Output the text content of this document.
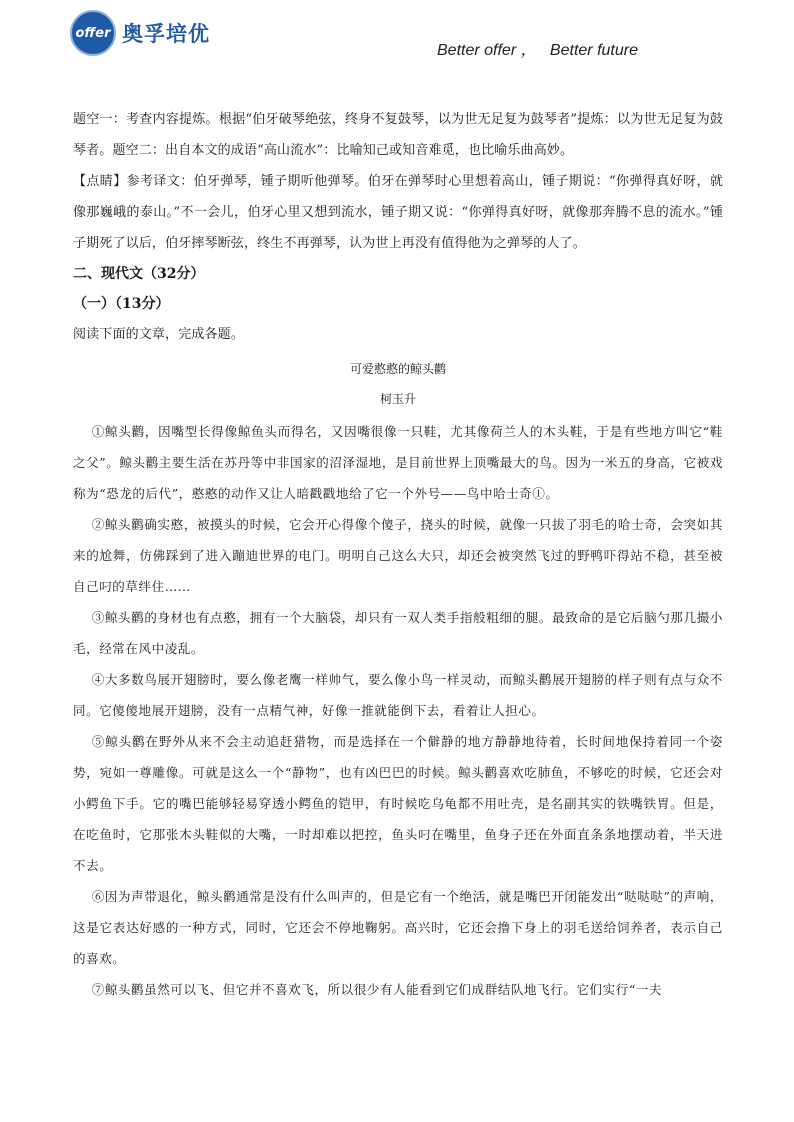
offer 奥孚培优
Better offer ，   Better future

题空一：考查内容提炼。根据“伯牙破琴绝弦，终身不复鼓琴，以为世无足复为鼓琴者”提炼：以为世无足复为鼓琴者。题空二：出自本文的成语“高山流水”：比喻知己或知音难觅，也比喻乐曲高妙。

【点睛】参考译文：伯牙弹琴，锺子期听他弹琴。伯牙在弹琴时心里想着高山，锺子期说：“你弹得真好呀，就像那巍峨的泰山。”不一会儿，伯牙心里又想到流水，锺子期又说：“你弹得真好呀，就像那奔腾不息的流水。”锺子期死了以后，伯牙摔琴断弦，终生不再弹琴，认为世上再没有值得他为之弹琴的人了。

二、现代文（32分）

（一）（13分）

阅读下面的文章，完成各题。

可爱憨憨的鲸头鹳

柯玉升

①鲸头鹳，因嘴型长得像鲸鱼头而得名，又因嘴很像一只鞋，尤其像荷兰人的木头鞋，于是有些地方叫它“鞋之父”。鲸头鹳主要生活在苏丹等中非国家的沼泽湿地，是目前世界上顶嘴最大的鸟。因为一米五的身高，它被戏称为“恐龙的后代”，憨憨的动作又让人暗戳戳地给了它一个外号——鸟中哈士奇①。

②鲸头鹳确实憨，被摸头的时候，它会开心得像个傻子，挠头的时候，就像一只拔了羽毛的哈士奇，会突如其来的尬舞，仿佛踩到了进入蹦迪世界的电门。明明自己这么大只，却还会被突然飞过的野鸭吓得站不稳，甚至被自己叼的草绊住……

③鲸头鹳的身材也有点憨，拥有一个大脑袋，却只有一双人类手指般粗细的腿。最致命的是它后脑勺那几撮小毛，经常在风中凌乱。

④大多数鸟展开翅膀时，要么像老鹰一样帅气，要么像小鸟一样灵动，而鲸头鹳展开翅膀的样子则有点与众不同。它傻傻地展开翅膀，没有一点精气神，好像一推就能倒下去，看着让人担心。

⑤鲸头鹳在野外从来不会主动追赶猎物，而是选择在一个僻静的地方静静地待着，长时间地保持着同一个姿势，宛如一尊雕像。可就是这么一个“静物”，也有凶巴巴的时候。鲸头鹳喜欢吃肺鱼，不够吃的时候，它还会对小鳄鱼下手。它的嘴巴能够轻易穿透小鳄鱼的铠甲，有时候吃乌龟都不用吐壳，是名副其实的铁嘴铁胃。但是，在吃鱼时，它那张木头鞋似的大嘴，一时却难以把控，鱼头叼在嘴里，鱼身子还在外面直条条地摆动着，半天进不去。

⑥因为声带退化，鲸头鹳通常是没有什么叫声的，但是它有一个绝活，就是嘴巴开闭能发出“哒哒哒”的声响，这是它表达好感的一种方式，同时，它还会不停地鞠躬。高兴时，它还会撸下身上的羽毛送给饲养者，表示自己的喜欢。

⑦鲸头鹳虽然可以飞、但它并不喜欢飞，所以很少有人能看到它们成群结队地飞行。它们实行“一夫
